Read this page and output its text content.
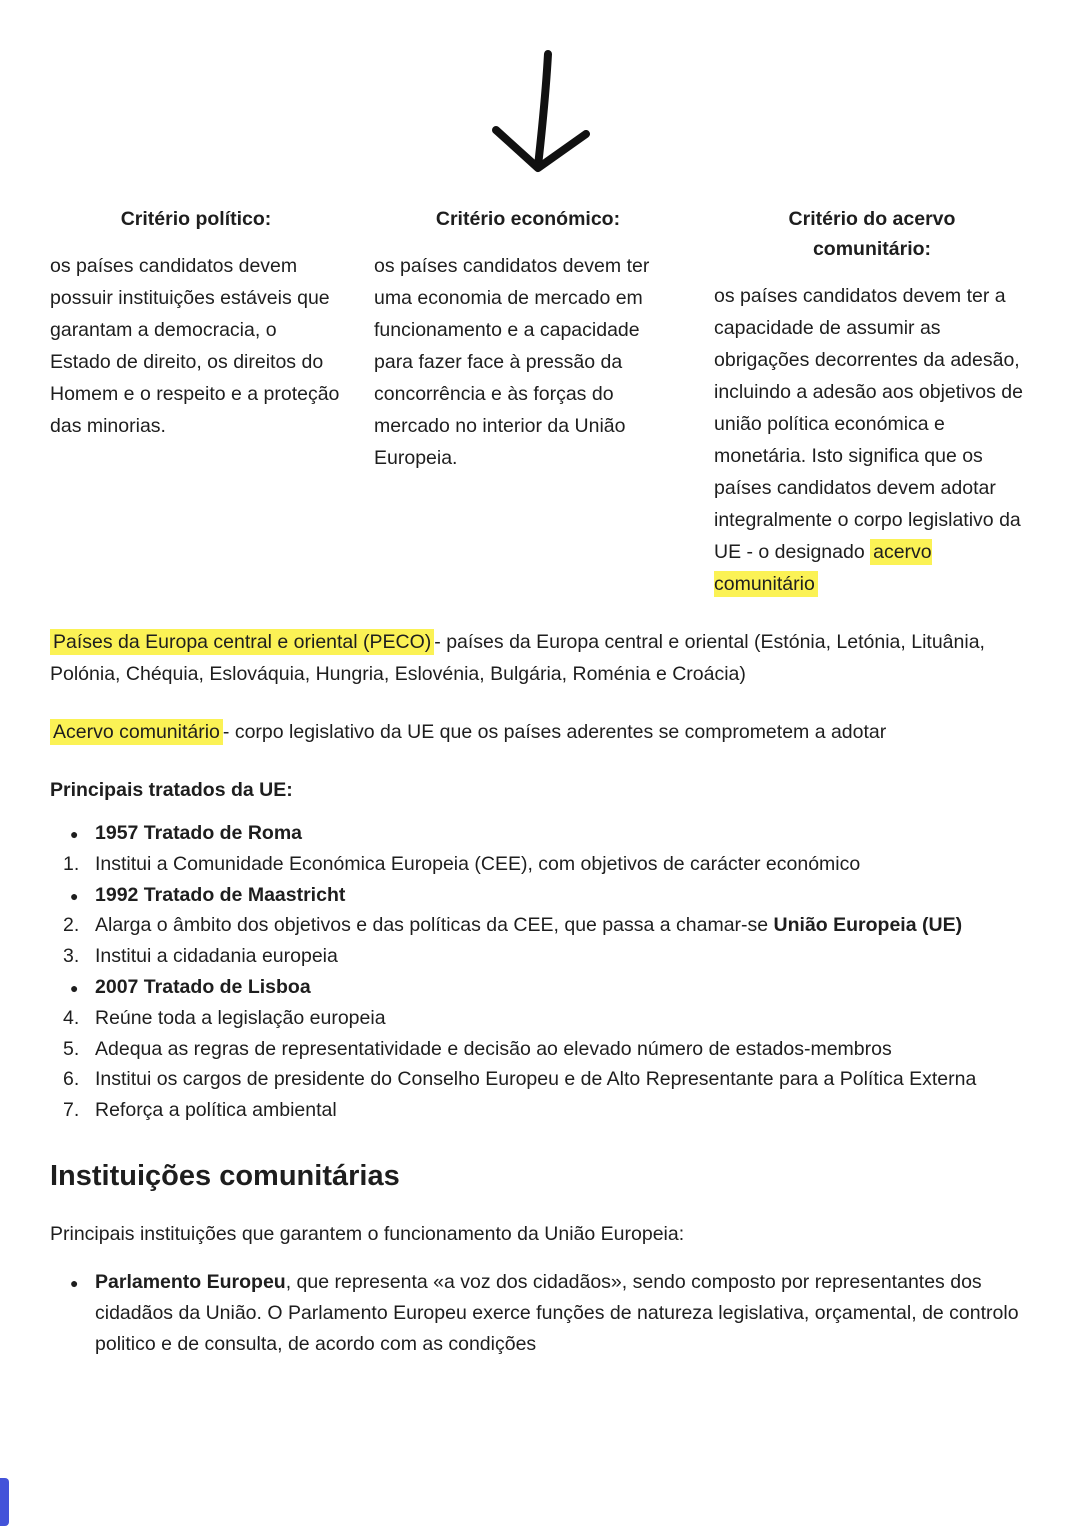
Critério político:
os países candidatos devem possuir instituições estáveis que garantam a democracia, o Estado de direito, os direitos do Homem e o respeito e a proteção das minorias.
Critério económico:
os países candidatos devem ter uma economia de mercado em funcionamento e a capacidade para fazer face à pressão da concorrência e às forças do mercado no interior da União Europeia.
Critério do acervo comunitário:
os países candidatos devem ter a capacidade de assumir as obrigações decorrentes da adesão, incluindo a adesão aos objetivos de união política económica e monetária. Isto significa que os países candidatos devem adotar integralmente o corpo legislativo da UE - o designado acervo comunitário

Países da Europa central e oriental (PECO) - países da Europa central e oriental (Estónia, Letónia, Lituânia, Polónia, Chéquia, Eslováquia, Hungria, Eslovénia, Bulgária, Roménia e Croácia)

Acervo comunitário - corpo legislativo da UE que os países aderentes se comprometem a adotar

Principais tratados da UE:

● 1957 Tratado de Roma
1. Institui a Comunidade Económica Europeia (CEE), com objetivos de carácter económico
● 1992 Tratado de Maastricht
2. Alarga o âmbito dos objetivos e das políticas da CEE, que passa a chamar-se União Europeia (UE)
3. Institui a cidadania europeia
● 2007 Tratado de Lisboa
4. Reúne toda a legislação europeia
5. Adequa as regras de representatividade e decisão ao elevado número de estados-membros
6. Institui os cargos de presidente do Conselho Europeu e de Alto Representante para a Política Externa
7. Reforça a política ambiental
Instituições comunitárias

Principais instituições que garantem o funcionamento da União Europeia:

● Parlamento Europeu, que representa «a voz dos cidadãos», sendo composto por representantes dos cidadãos da União. O Parlamento Europeu exerce funções de natureza legislativa, orçamental, de controlo politico e de consulta, de acordo com as condições
